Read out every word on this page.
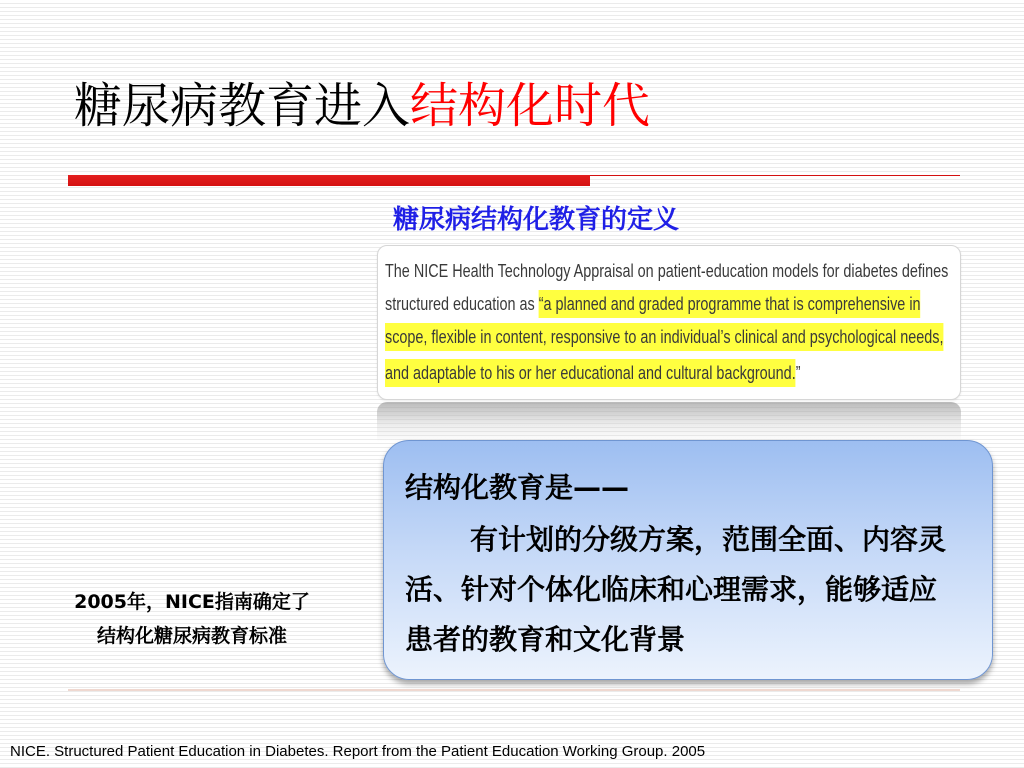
糖尿病教育进入结构化时代
糖尿病结构化教育的定义
The NICE Health Technology Appraisal on patient-education models for diabetes defines
structured education as “a planned and graded programme that is comprehensive in
scope, flexible in content, responsive to an individual’s clinical and psychological needs,
and adaptable to his or her educational and cultural background.”
结构化教育是——
有计划的分级方案，范围全面、内容灵
活、针对个体化临床和心理需求，能够适应
患者的教育和文化背景
2005年，NICE指南确定了
结构化糖尿病教育标准
NICE. Structured Patient Education in Diabetes. Report from the Patient Education Working Group. 2005
